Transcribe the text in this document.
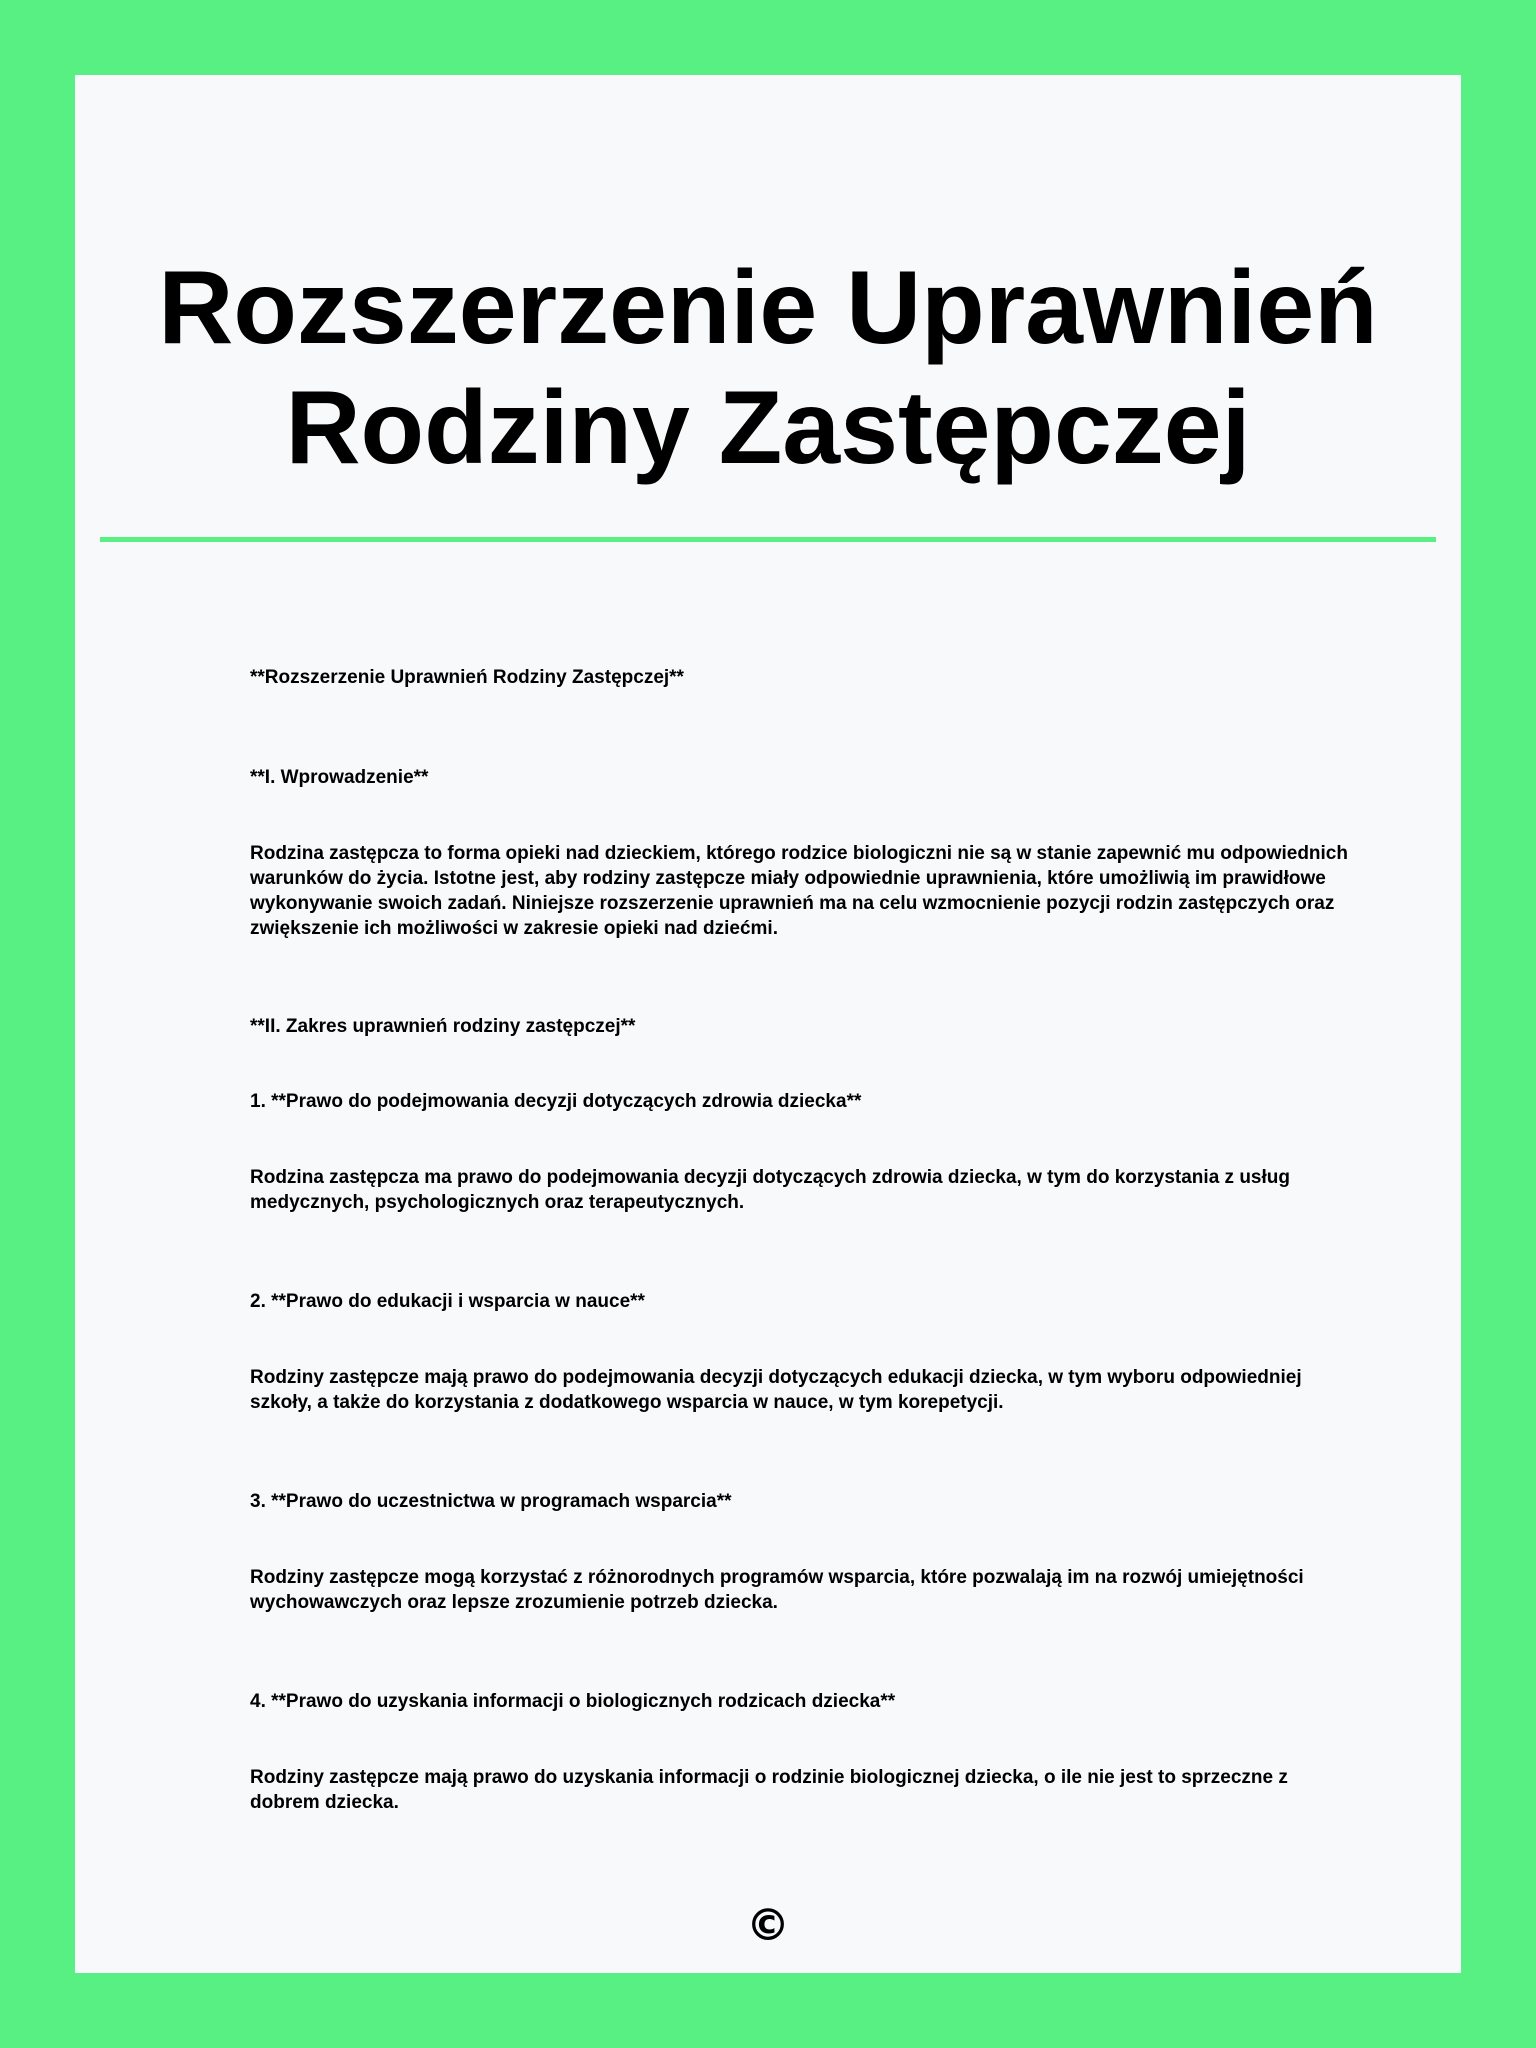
Rozszerzenie Uprawnień
Rodziny Zastępczej

**Rozszerzenie Uprawnień Rodziny Zastępczej**

**I. Wprowadzenie**

Rodzina zastępcza to forma opieki nad dzieckiem, którego rodzice biologiczni nie są w stanie zapewnić mu odpowiednich warunków do życia. Istotne jest, aby rodziny zastępcze miały odpowiednie uprawnienia, które umożliwią im prawidłowe wykonywanie swoich zadań. Niniejsze rozszerzenie uprawnień ma na celu wzmocnienie pozycji rodzin zastępczych oraz zwiększenie ich możliwości w zakresie opieki nad dziećmi.

**II. Zakres uprawnień rodziny zastępczej**

1. **Prawo do podejmowania decyzji dotyczących zdrowia dziecka**

Rodzina zastępcza ma prawo do podejmowania decyzji dotyczących zdrowia dziecka, w tym do korzystania z usług medycznych, psychologicznych oraz terapeutycznych.

2. **Prawo do edukacji i wsparcia w nauce**

Rodziny zastępcze mają prawo do podejmowania decyzji dotyczących edukacji dziecka, w tym wyboru odpowiedniej szkoły, a także do korzystania z dodatkowego wsparcia w nauce, w tym korepetycji.

3. **Prawo do uczestnictwa w programach wsparcia**

Rodziny zastępcze mogą korzystać z różnorodnych programów wsparcia, które pozwalają im na rozwój umiejętności wychowawczych oraz lepsze zrozumienie potrzeb dziecka.

4. **Prawo do uzyskania informacji o biologicznych rodzicach dziecka**

Rodziny zastępcze mają prawo do uzyskania informacji o rodzinie biologicznej dziecka, o ile nie jest to sprzeczne z dobrem dziecka.

©
